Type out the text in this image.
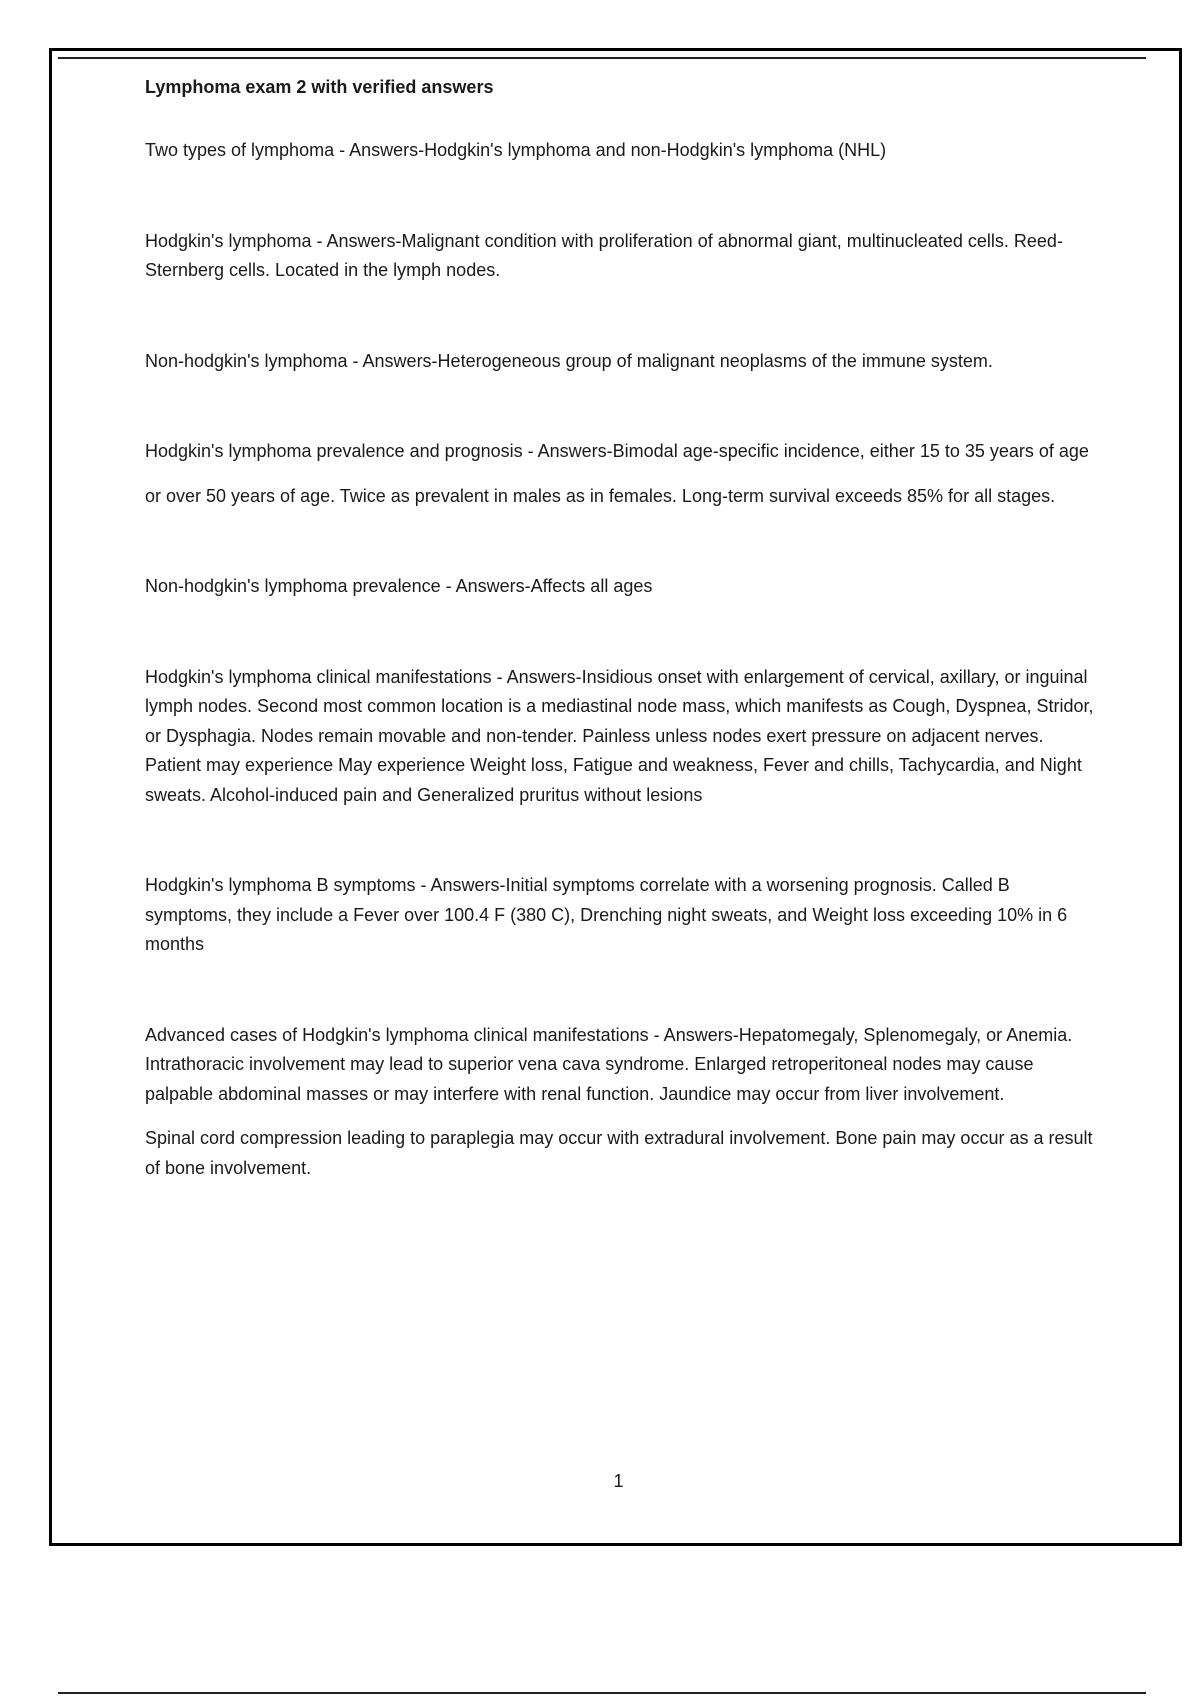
Lymphoma exam 2 with verified answers

Two types of lymphoma - Answers-Hodgkin's lymphoma and non-Hodgkin's lymphoma (NHL)

Hodgkin's lymphoma - Answers-Malignant condition with proliferation of abnormal giant, multinucleated cells. Reed-Sternberg cells. Located in the lymph nodes.

Non-hodgkin's lymphoma - Answers-Heterogeneous group of malignant neoplasms of the immune system.

Hodgkin's lymphoma prevalence and prognosis - Answers-Bimodal age-specific incidence, either 15 to 35 years of age

or over 50 years of age. Twice as prevalent in males as in females. Long-term survival exceeds 85% for all stages.

Non-hodgkin's lymphoma prevalence - Answers-Affects all ages

Hodgkin's lymphoma clinical manifestations - Answers-Insidious onset with enlargement of cervical, axillary, or inguinal lymph nodes. Second most common location is a mediastinal node mass, which manifests as Cough, Dyspnea, Stridor, or Dysphagia. Nodes remain movable and non-tender. Painless unless nodes exert pressure on adjacent nerves. Patient may experience May experience Weight loss, Fatigue and weakness, Fever and chills, Tachycardia, and Night sweats. Alcohol-induced pain and Generalized pruritus without lesions

Hodgkin's lymphoma B symptoms - Answers-Initial symptoms correlate with a worsening prognosis. Called B symptoms, they include a Fever over 100.4 F (380 C), Drenching night sweats, and Weight loss exceeding 10% in 6 months

Advanced cases of Hodgkin's lymphoma clinical manifestations - Answers-Hepatomegaly, Splenomegaly, or Anemia. Intrathoracic involvement may lead to superior vena cava syndrome. Enlarged retroperitoneal nodes may cause palpable abdominal masses or may interfere with renal function. Jaundice may occur from liver involvement.

Spinal cord compression leading to paraplegia may occur with extradural involvement. Bone pain may occur as a result of bone involvement.

1
